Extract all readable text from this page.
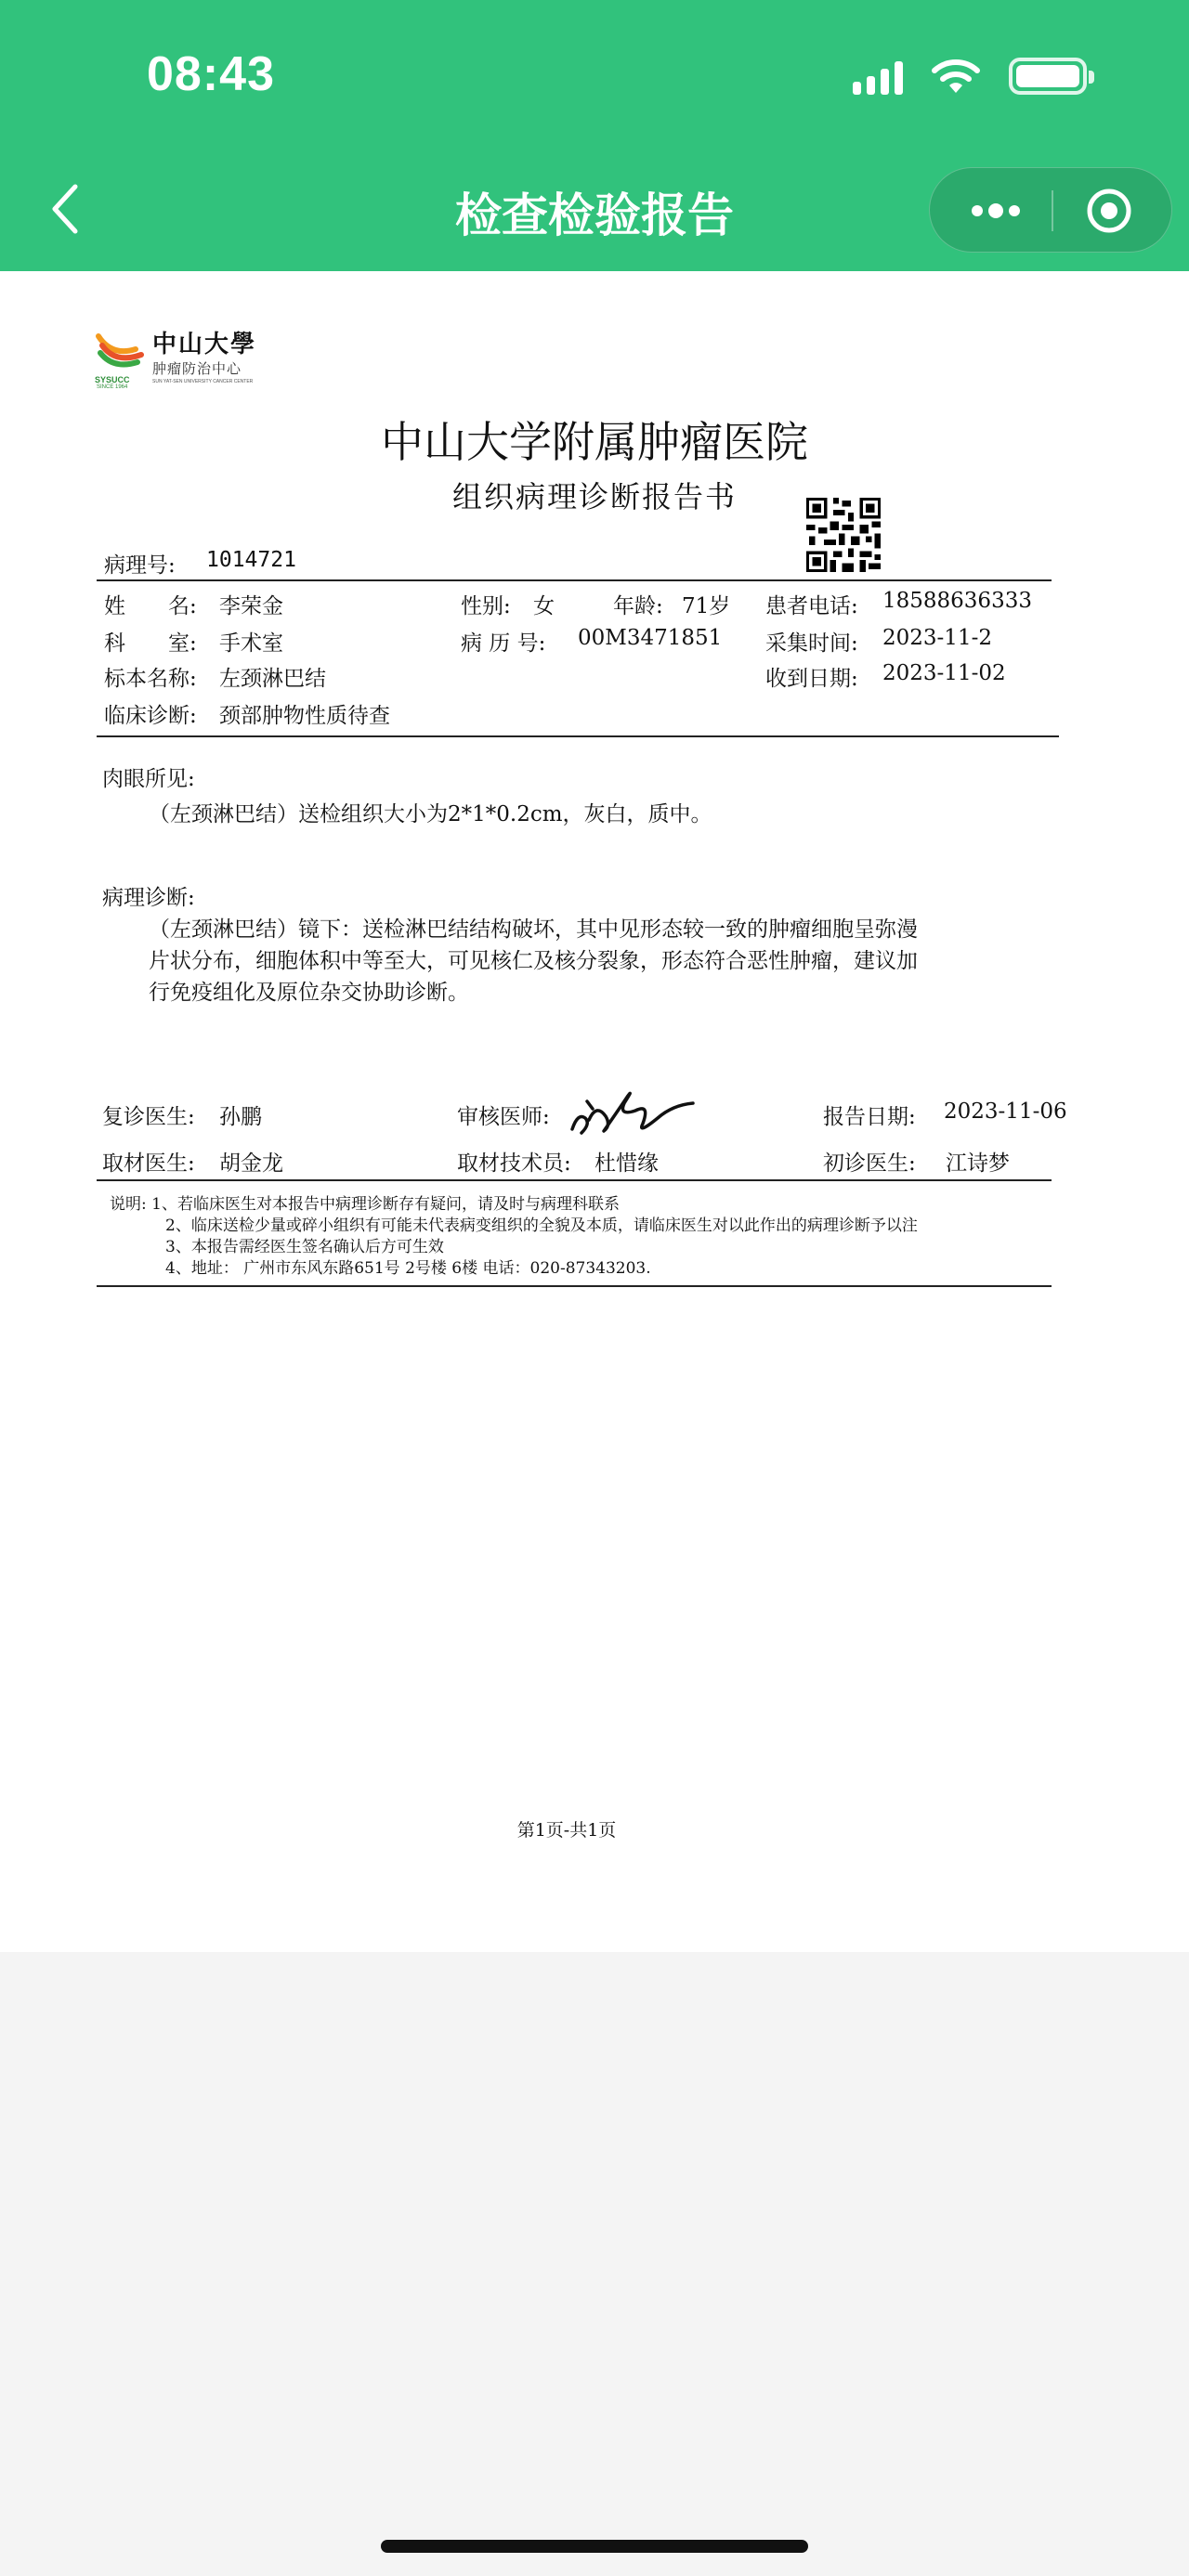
08:43
检查检验报告
SYSUCC
SINCE 1964
中山大學
肿瘤防治中心
SUN YAT-SEN UNIVERSITY CANCER CENTER
中山大学附属肿瘤医院
组织病理诊断报告书
病理号: 1014721
姓　　名: 李荣金	性别: 女	年龄: 71岁 患者电话: 18588636333
科　　室: 手术室	病 历 号: 00M3471851 采集时间: 2023-11-2
标本名称: 左颈淋巴结	收到日期: 2023-11-02
临床诊断: 颈部肿物性质待查
肉眼所见:
（左颈淋巴结）送检组织大小为2*1*0.2cm，灰白，质中。
病理诊断:
（左颈淋巴结）镜下：送检淋巴结结构破坏，其中见形态较一致的肿瘤细胞呈弥漫
片状分布，细胞体积中等至大，可见核仁及核分裂象，形态符合恶性肿瘤，建议加
行免疫组化及原位杂交协助诊断。
复诊医生: 孙鹏	审核医师:	报告日期: 2023-11-06
取材医生: 胡金龙	取材技术员: 杜惜缘	初诊医生: 江诗梦
说明: 1、若临床医生对本报告中病理诊断存有疑问，请及时与病理科联系
2、临床送检少量或碎小组织有可能未代表病变组织的全貌及本质，请临床医生对以此作出的病理诊断予以注
3、本报告需经医生签名确认后方可生效
4、地址： 广州市东风东路651号 2号楼 6楼 电话：020-87343203.
第1页-共1页
